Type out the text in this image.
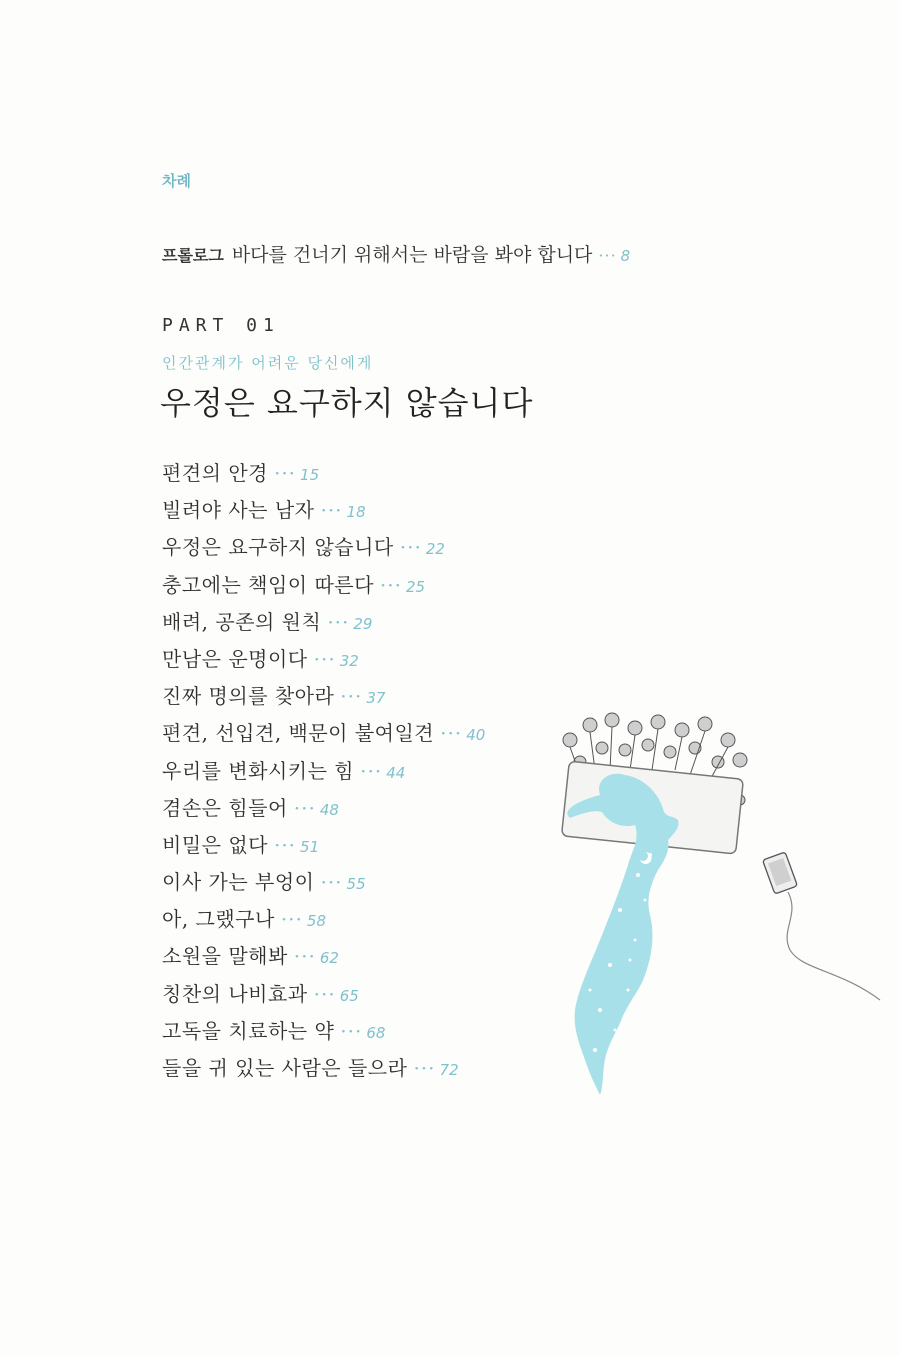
차례
프롤로그 바다를 건너기 위해서는 바람을 봐야 합니다 ··· 8
PART 01
인간관계가 어려운 당신에게
우정은 요구하지 않습니다
편견의 안경 ··· 15
빌려야 사는 남자 ··· 18
우정은 요구하지 않습니다 ··· 22
충고에는 책임이 따른다 ··· 25
배려, 공존의 원칙 ··· 29
만남은 운명이다 ··· 32
진짜 명의를 찾아라 ··· 37
편견, 선입견, 백문이 불여일견 ··· 40
우리를 변화시키는 힘 ··· 44
겸손은 힘들어 ··· 48
비밀은 없다 ··· 51
이사 가는 부엉이 ··· 55
아, 그랬구나 ··· 58
소원을 말해봐 ··· 62
칭찬의 나비효과 ··· 65
고독을 치료하는 약 ··· 68
들을 귀 있는 사람은 들으라 ··· 72
